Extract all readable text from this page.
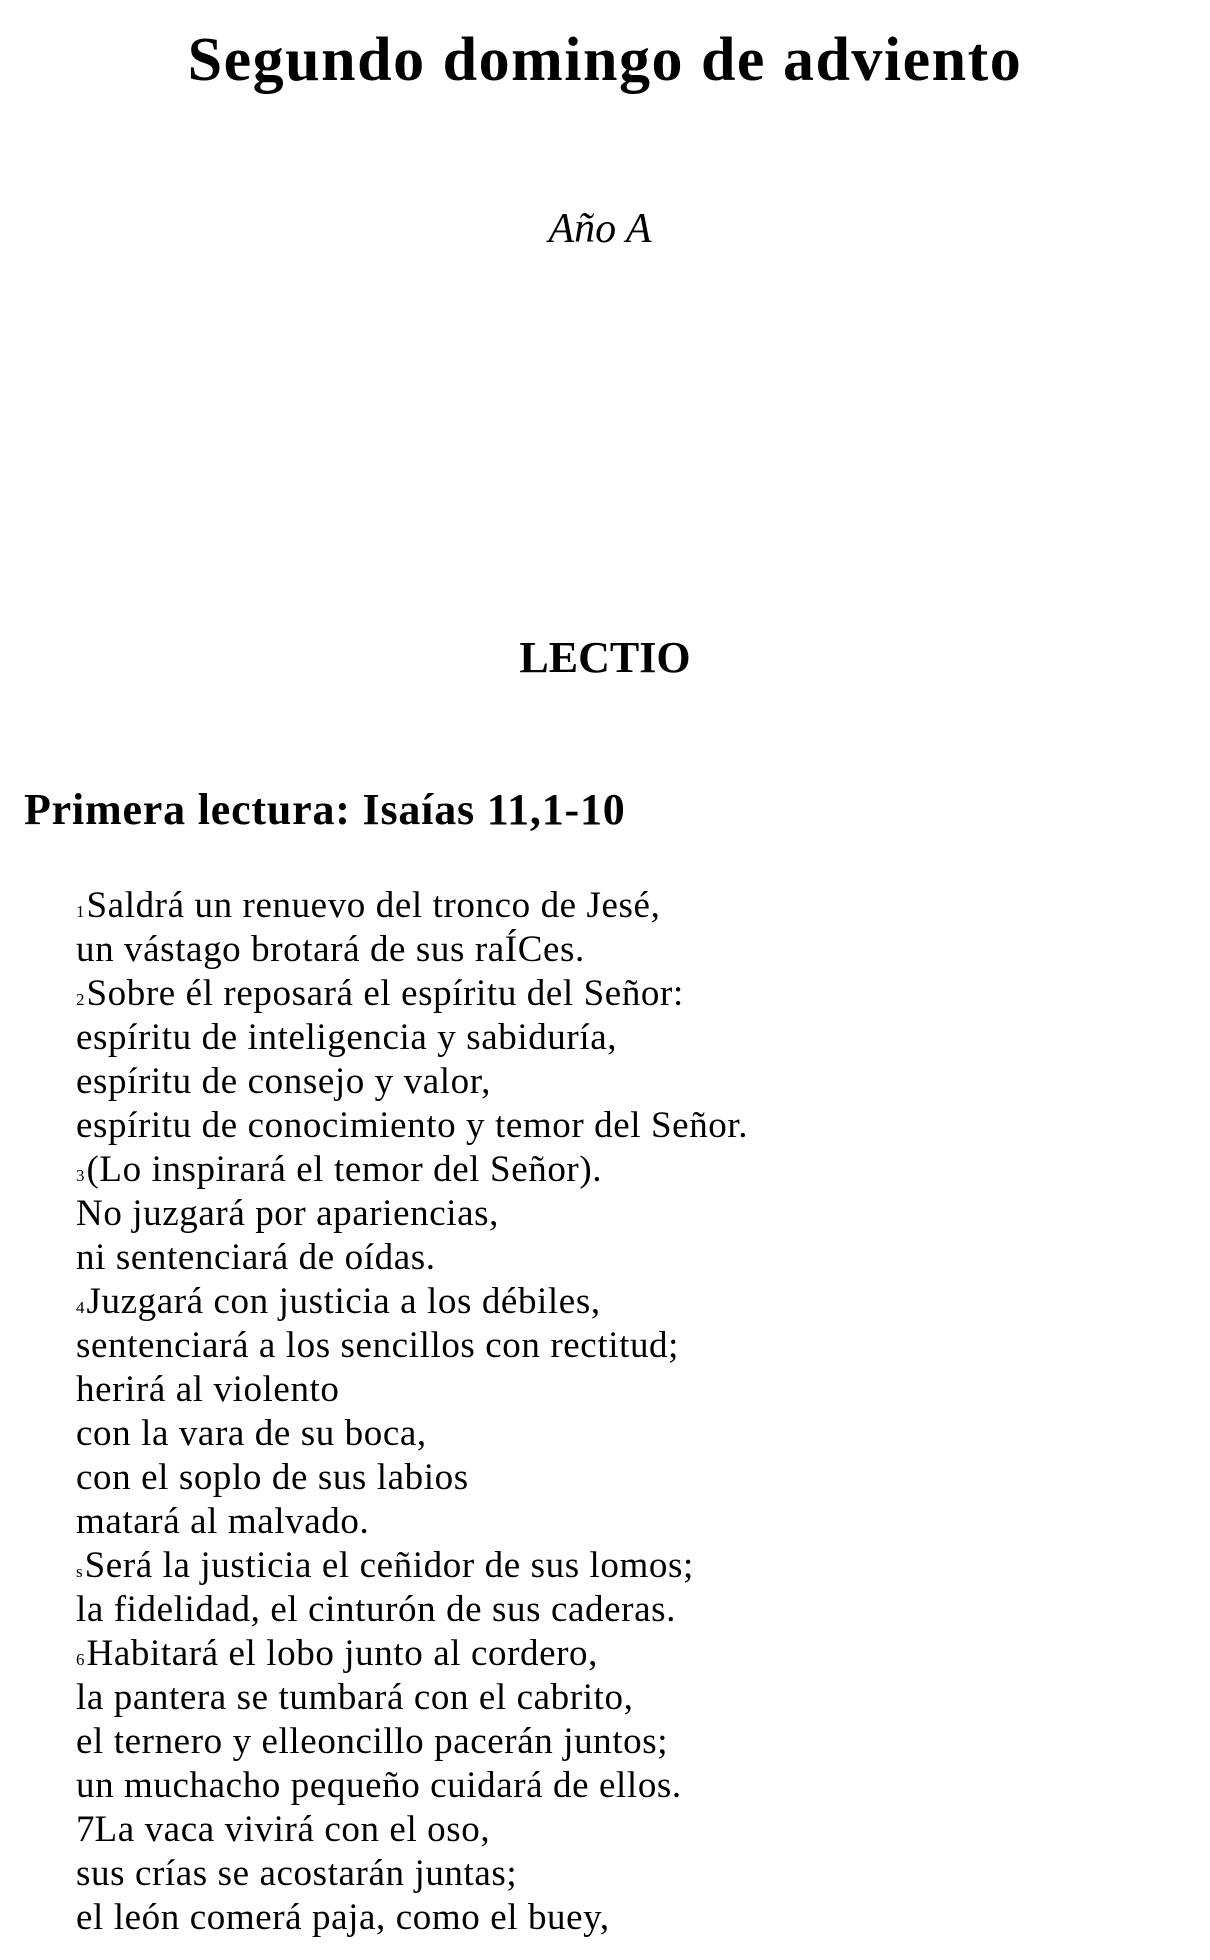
Segundo domingo de adviento
Año A
LECTIO
Primera lectura: Isaías 11,1-10
1Saldrá un renuevo del tronco de Jesé,
un vástago brotará de sus raÍCes.
2Sobre él reposará el espíritu del Señor:
espíritu de inteligencia y sabiduría,
espíritu de consejo y valor,
espíritu de conocimiento y temor del Señor.
3(Lo inspirará el temor del Señor).
No juzgará por apariencias,
ni sentenciará de oídas.
4Juzgará con justicia a los débiles,
sentenciará a los sencillos con rectitud;
herirá al violento
con la vara de su boca,
con el soplo de sus labios
matará al malvado.
sSerá la justicia el ceñidor de sus lomos;
la fidelidad, el cinturón de sus caderas.
6Habitará el lobo junto al cordero,
la pantera se tumbará con el cabrito,
el ternero y elleoncillo pacerán juntos;
un muchacho pequeño cuidará de ellos.
7La vaca vivirá con el oso,
sus crías se acostarán juntas;
el león comerá paja, como el buey,
